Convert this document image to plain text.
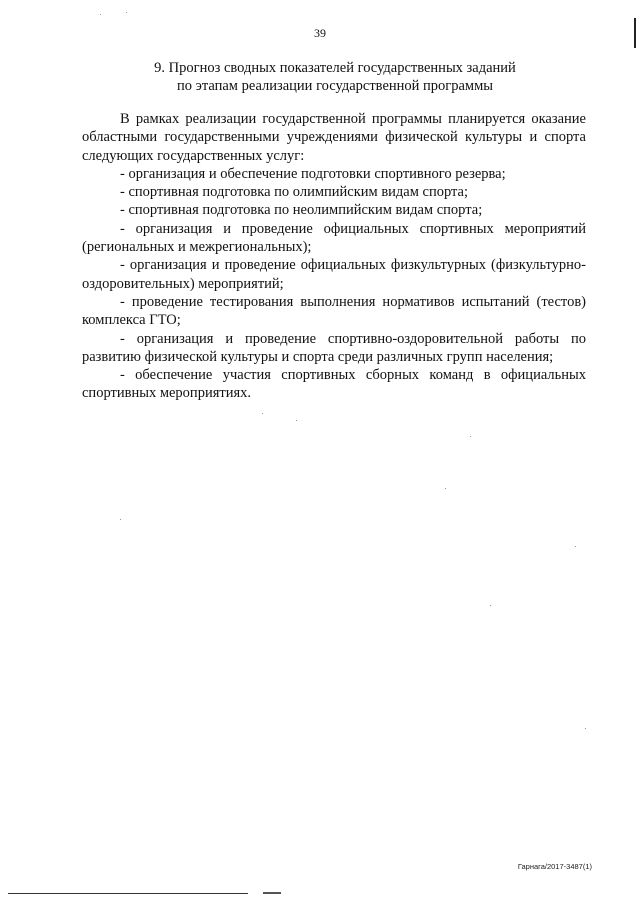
39
9. Прогноз сводных показателей государственных заданий
по этапам реализации государственной программы

В рамках реализации государственной программы планируется оказание областными государственными учреждениями физической культуры и спорта следующих государственных услуг:

- организация и обеспечение подготовки спортивного резерва;

- спортивная подготовка по олимпийским видам спорта;

- спортивная подготовка по неолимпийским видам спорта;

- организация и проведение официальных спортивных мероприятий (региональных и межрегиональных);

- организация и проведение официальных физкультурных (физкультурно-оздоровительных) мероприятий;

- проведение тестирования выполнения нормативов испытаний (тестов) комплекса ГТО;

- организация и проведение спортивно-оздоровительной работы по развитию физической культуры и спорта среди различных групп населения;

- обеспечение участия спортивных сборных команд в официальных спортивных мероприятиях.

Гарнага/2017-3487(1)
